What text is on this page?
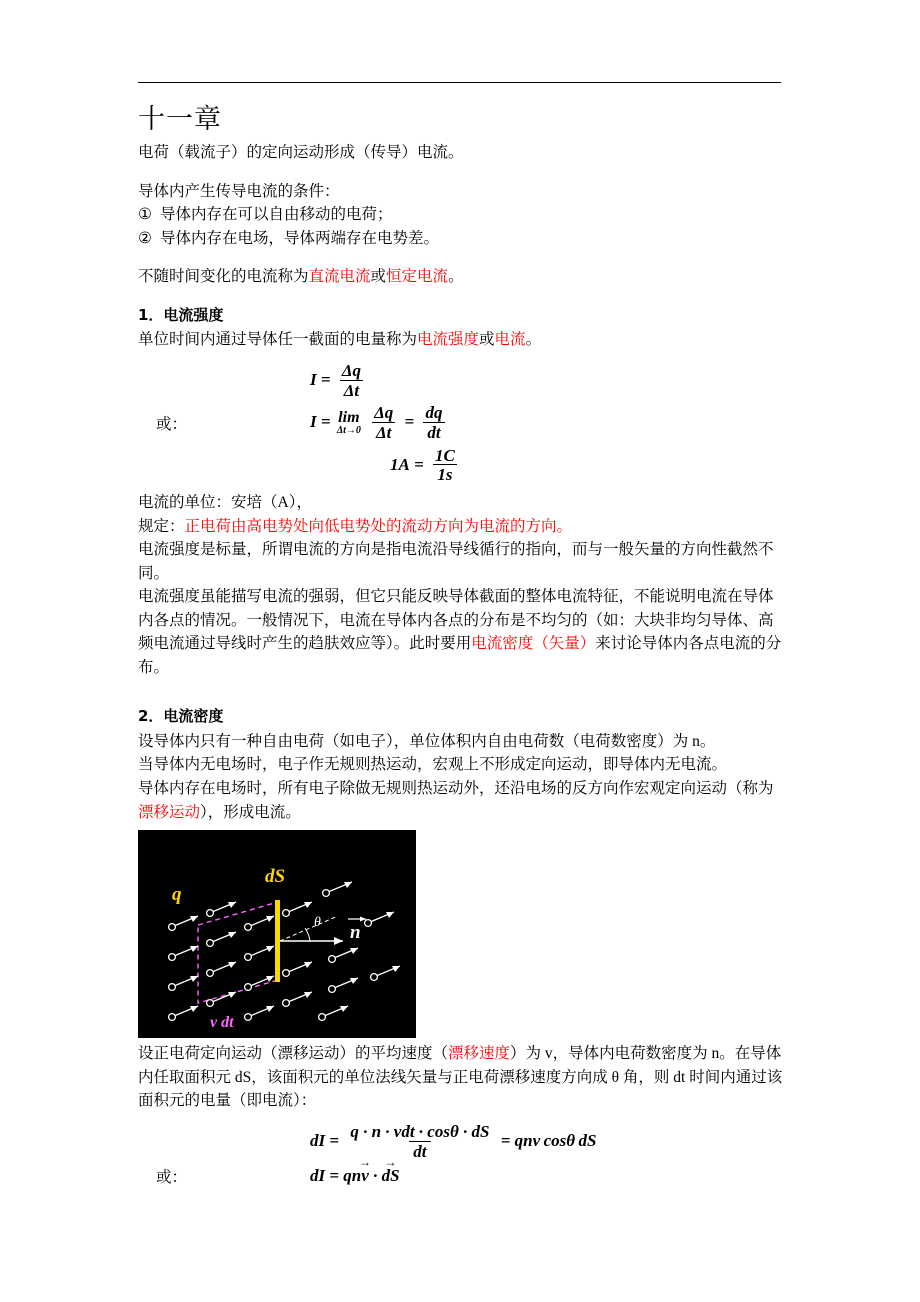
十一章

电荷（载流子）的定向运动形成（传导）电流。

导体内产生传导电流的条件：

① 导体内存在可以自由移动的电荷；
② 导体内存在电场，导体两端存在电势差。

不随时间变化的电流称为直流电流或恒定电流。

1．电流强度

单位时间内通过导体任一截面的电量称为电流强度或电流。

$I = \frac{\Delta q}{\Delta t}$
或：	I = lim
Δt→0
$\frac{\Delta q}{\Delta t} = \frac{dq}{dt}$
$1A = \frac{1C}{1s}$

电流的单位：安培（A），

规定：正电荷由高电势处向低电势处的流动方向为电流的方向。

电流强度是标量，所谓电流的方向是指电流沿导线循行的指向，而与一般矢量的方向性截然不同。

电流强度虽能描写电流的强弱，但它只能反映导体截面的整体电流特征，不能说明电流在导体内各点的情况。一般情况下，电流在导体内各点的分布是不均匀的（如：大块非均匀导体、高频电流通过导线时产生的趋肤效应等）。此时要用电流密度（矢量）来讨论导体内各点电流的分布。

2．电流密度

设导体内只有一种自由电荷（如电子），单位体积内自由电荷数（电荷数密度）为 n。

当导体内无电场时，电子作无规则热运动，宏观上不形成定向运动，即导体内无电流。

导体内存在电场时，所有电子除做无规则热运动外，还沿电场的反方向作宏观定向运动（称为漂移运动），形成电流。

dS
q
θ n
v dt

设正电荷定向运动（漂移运动）的平均速度（漂移速度）为 v，导体内电荷数密度为 n。在导体内任取面积元 dS，该面积元的单位法线矢量与正电荷漂移速度方向成 θ 角，则 dt 时间内通过该面积元的电量（即电流）：

dI = $\frac{\text{q · n · vdt · cosθ · dS}}{dt}$ = qnv cosθ dS
或：	dI = qnv → · dS →
